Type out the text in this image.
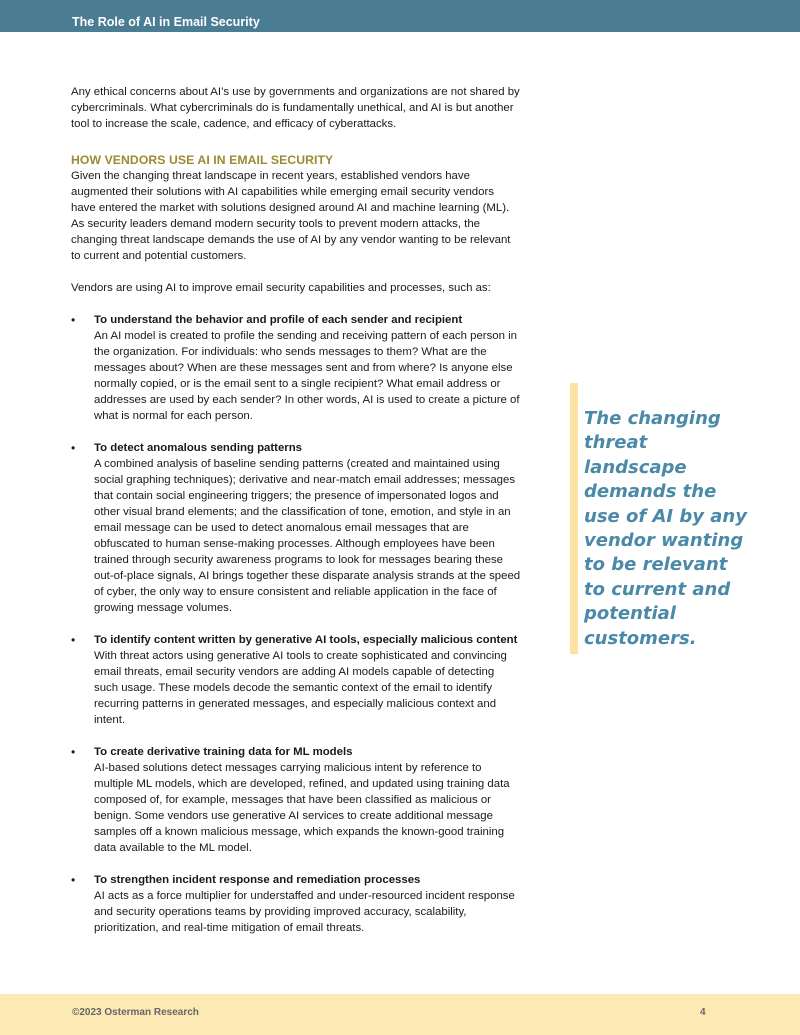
The Role of AI in Email Security

Any ethical concerns about AI’s use by governments and organizations are not shared by cybercriminals. What cybercriminals do is fundamentally unethical, and AI is but another tool to increase the scale, cadence, and efficacy of cyberattacks.

HOW VENDORS USE AI IN EMAIL SECURITY

Given the changing threat landscape in recent years, established vendors have augmented their solutions with AI capabilities while emerging email security vendors have entered the market with solutions designed around AI and machine learning (ML). As security leaders demand modern security tools to prevent modern attacks, the changing threat landscape demands the use of AI by any vendor wanting to be relevant to current and potential customers.

Vendors are using AI to improve email security capabilities and processes, such as:

• To understand the behavior and profile of each sender and recipient
An AI model is created to profile the sending and receiving pattern of each person in the organization. For individuals: who sends messages to them? What are the messages about? When are these messages sent and from where? Is anyone else normally copied, or is the email sent to a single recipient? What email address or addresses are used by each sender? In other words, AI is used to create a picture of what is normal for each person.
• To detect anomalous sending patterns
A combined analysis of baseline sending patterns (created and maintained using social graphing techniques); derivative and near-match email addresses; messages that contain social engineering triggers; the presence of impersonated logos and other visual brand elements; and the classification of tone, emotion, and style in an email message can be used to detect anomalous email messages that are obfuscated to human sense-making processes. Although employees have been trained through security awareness programs to look for messages bearing these out-of-place signals, AI brings together these disparate analysis strands at the speed of cyber, the only way to ensure consistent and reliable application in the face of growing message volumes.
• To identify content written by generative AI tools, especially malicious content
With threat actors using generative AI tools to create sophisticated and convincing email threats, email security vendors are adding AI models capable of detecting such usage. These models decode the semantic context of the email to identify recurring patterns in generated messages, and especially malicious context and intent.
• To create derivative training data for ML models
AI-based solutions detect messages carrying malicious intent by reference to multiple ML models, which are developed, refined, and updated using training data composed of, for example, messages that have been classified as malicious or benign. Some vendors use generative AI services to create additional message samples off a known malicious message, which expands the known-good training data available to the ML model.
• To strengthen incident response and remediation processes
AI acts as a force multiplier for understaffed and under-resourced incident response and security operations teams by providing improved accuracy, scalability, prioritization, and real-time mitigation of email threats.
The changing threat landscape demands the use of AI by any vendor wanting to be relevant to current and potential customers.
©2023 Osterman Research	4
